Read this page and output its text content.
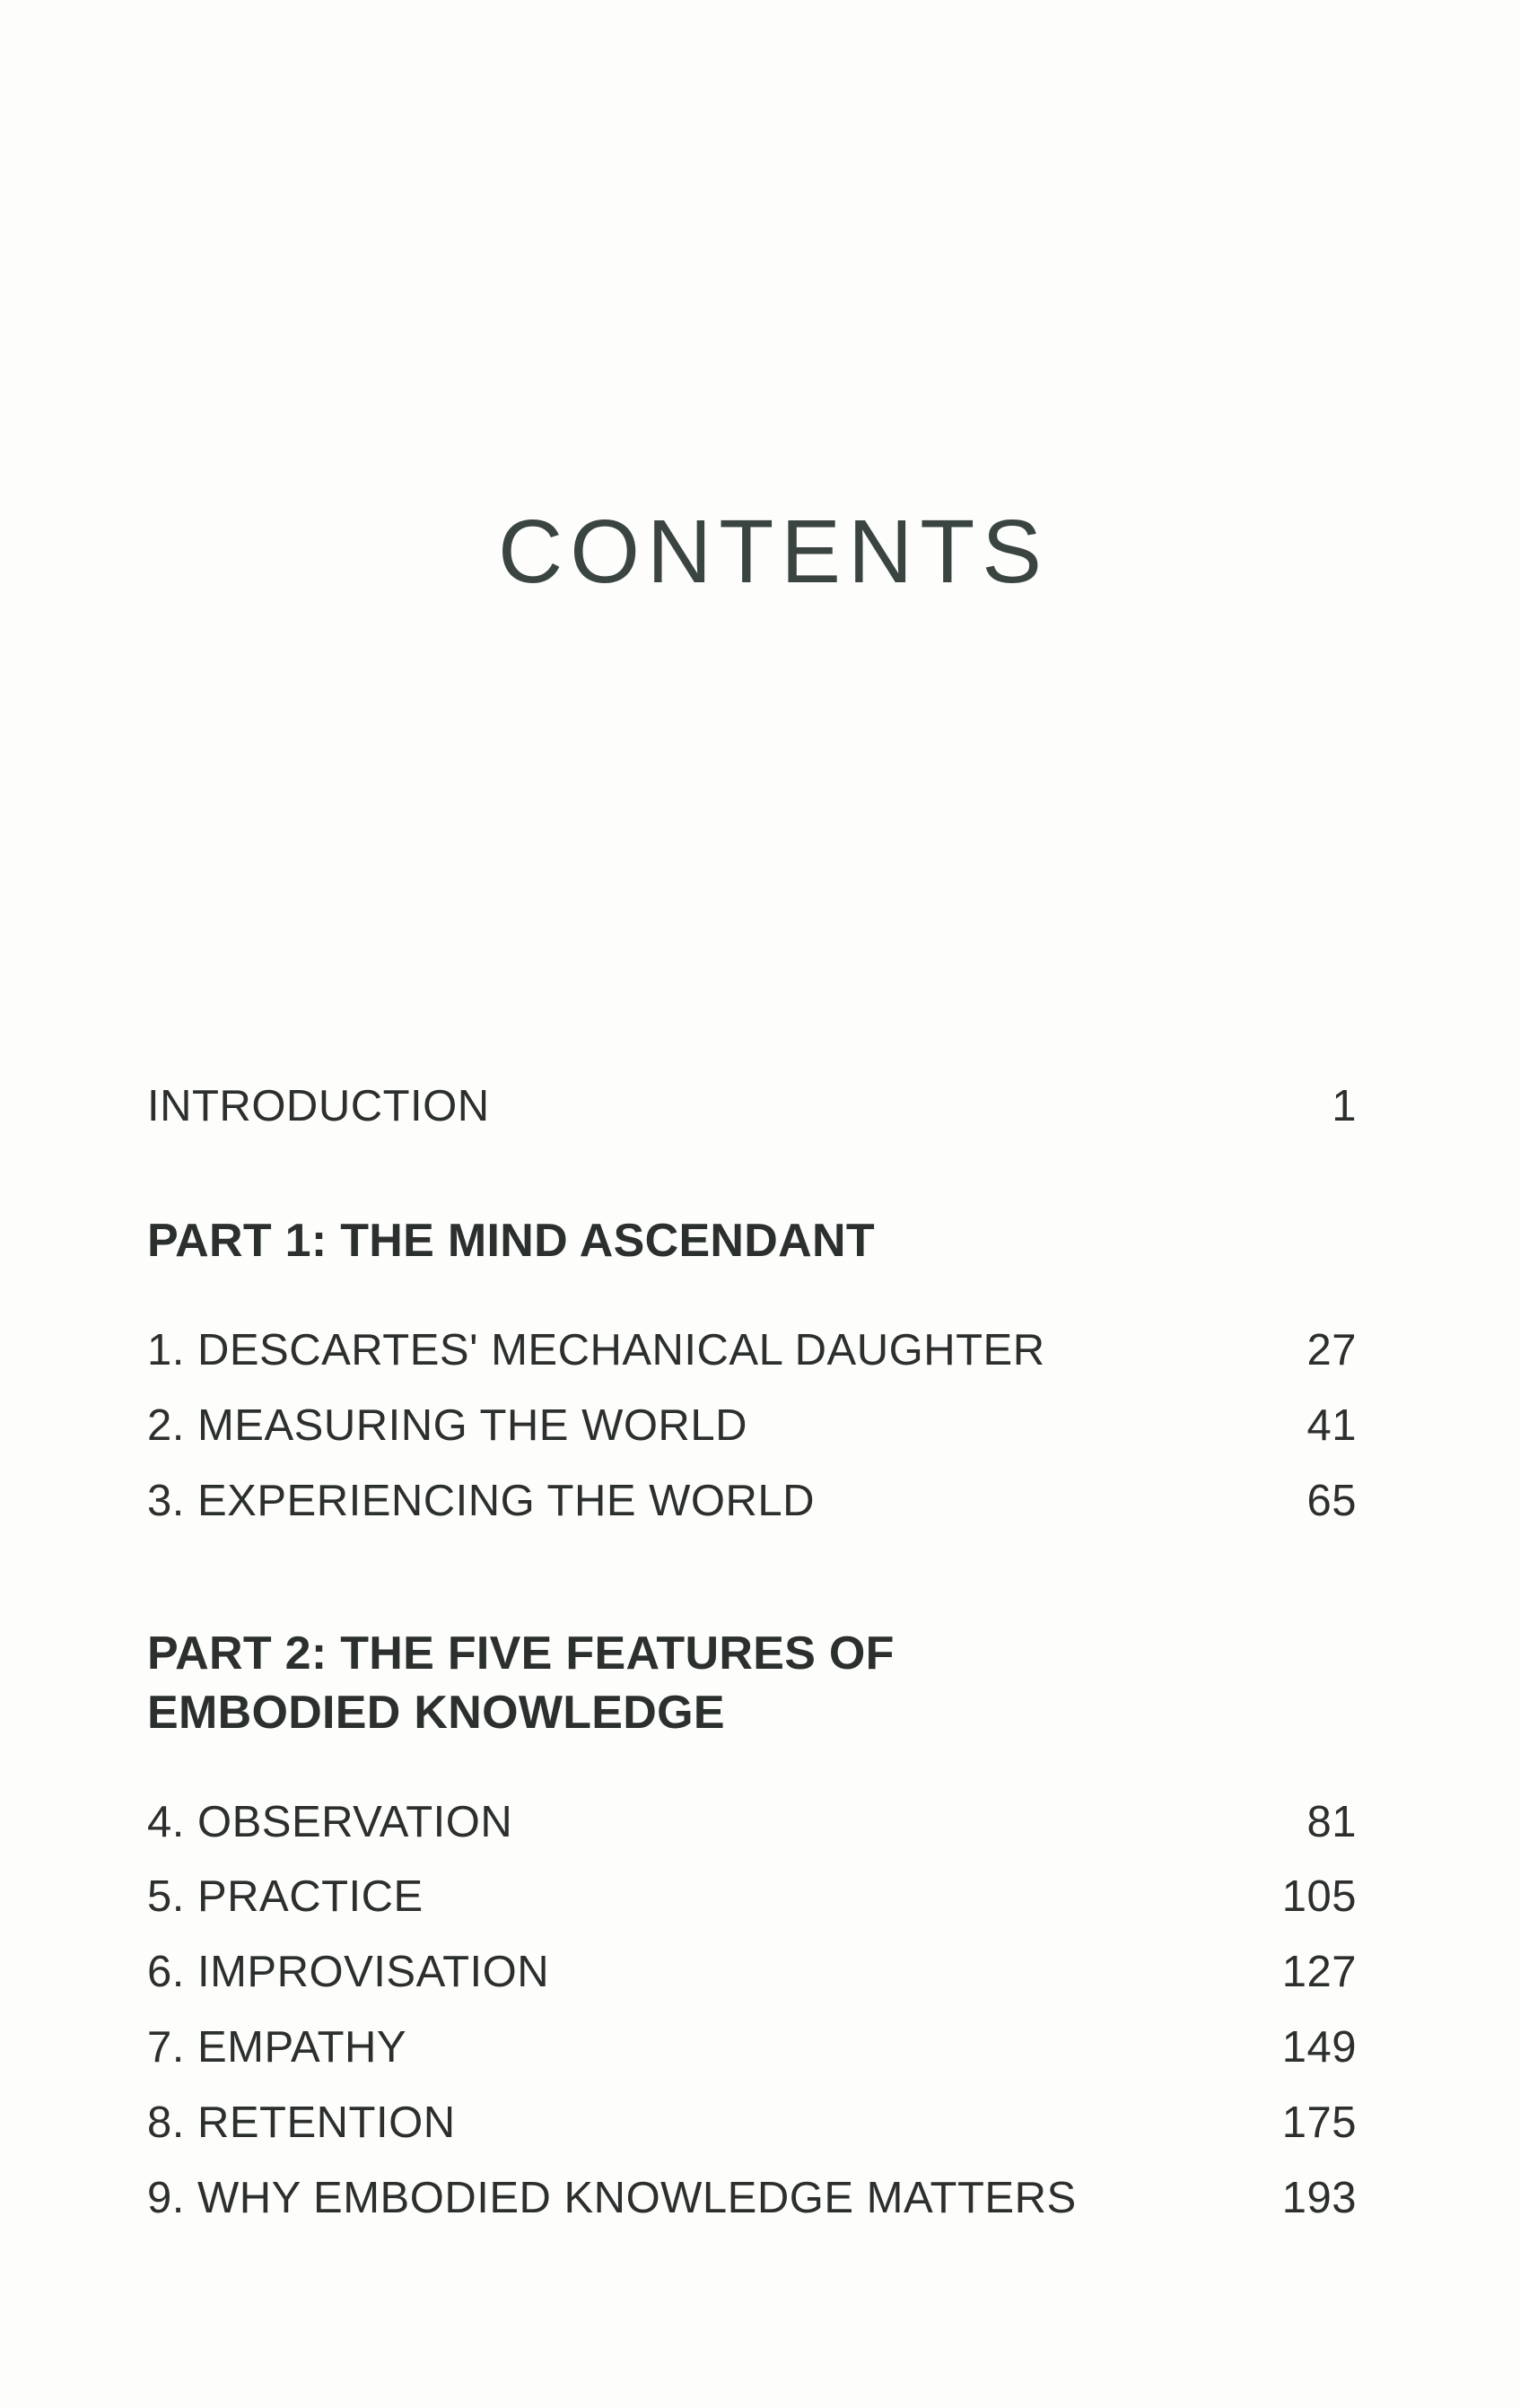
CONTENTS
INTRODUCTION	1
PART 1: THE MIND ASCENDANT
1. DESCARTES' MECHANICAL DAUGHTER	27
2. MEASURING THE WORLD	41
3. EXPERIENCING THE WORLD	65
PART 2: THE FIVE FEATURES OF
EMBODIED KNOWLEDGE
4. OBSERVATION	81
5. PRACTICE	105
6. IMPROVISATION	127
7. EMPATHY	149
8. RETENTION	175
9. WHY EMBODIED KNOWLEDGE MATTERS	193
